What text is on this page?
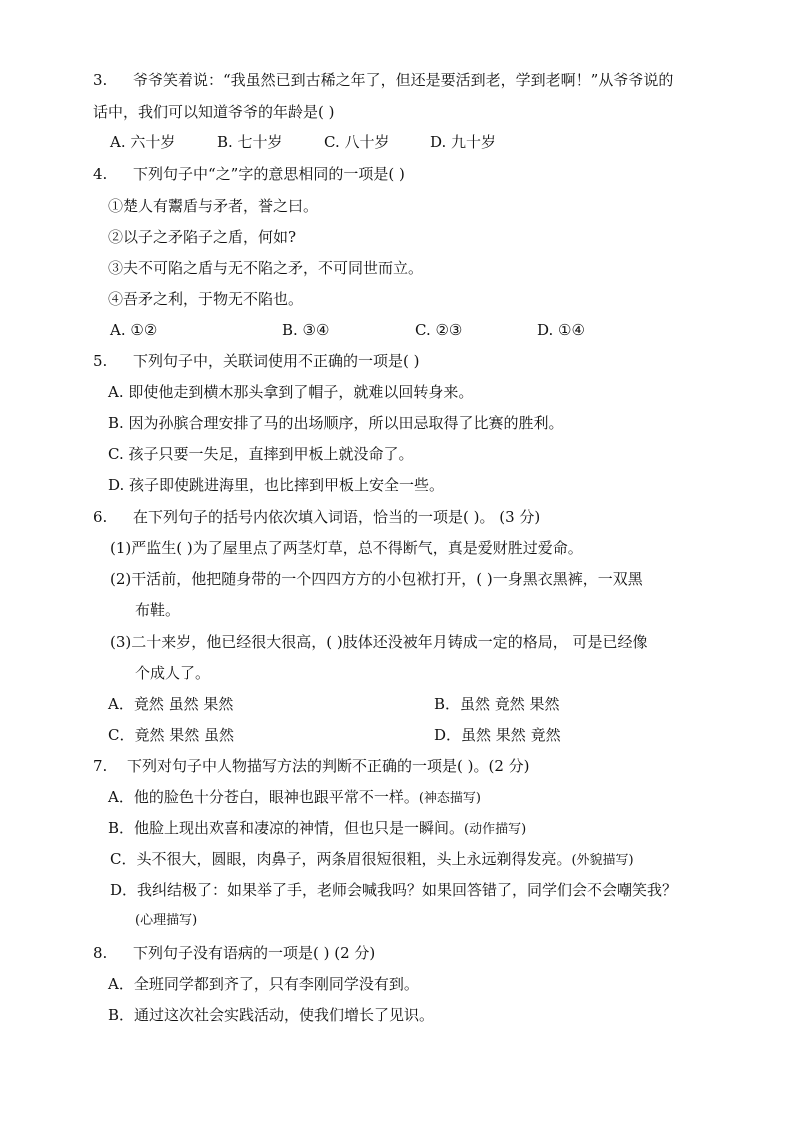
3. 爷爷笑着说：“我虽然已到古稀之年了，但还是要活到老，学到老啊！”从爷爷说的
话中，我们可以知道爷爷的年龄是( )
A. 六十岁	B. 七十岁	C. 八十岁	D. 九十岁
4. 下列句子中“之”字的意思相同的一项是( )
①楚人有鬻盾与矛者，誉之曰。
②以子之矛陷子之盾，何如?
③夫不可陷之盾与无不陷之矛，不可同世而立。
④吾矛之利，于物无不陷也。
A. ①②	B. ③④	C. ②③	D. ①④
5. 下列句子中，关联词使用不正确的一项是( )
A. 即使他走到横木那头拿到了帽子，就难以回转身来。
B. 因为孙膑合理安排了马的出场顺序，所以田忌取得了比赛的胜利。
C. 孩子只要一失足，直摔到甲板上就没命了。
D. 孩子即使跳进海里，也比摔到甲板上安全一些。
6. 在下列句子的括号内依次填入词语，恰当的一项是( )。 (3 分)
(1)严监生( )为了屋里点了两茎灯草，总不得断气，真是爱财胜过爱命。
(2)干活前，他把随身带的一个四四方方的小包袱打开，( )一身黑衣黑裤，一双黑
布鞋。
(3)二十来岁，他已经很大很高，( )肢体还没被年月铸成一定的格局， 可是已经像
个成人了。
A．竟然 虽然 果然	B．虽然 竟然 果然
C．竟然 果然 虽然	D．虽然 果然 竟然
7. 下列对句子中人物描写方法的判断不正确的一项是( )。(2 分)
A．他的脸色十分苍白，眼神也跟平常不一样。(神态描写)
B．他脸上现出欢喜和凄凉的神情，但也只是一瞬间。(动作描写)
C．头不很大，圆眼，肉鼻子，两条眉很短很粗，头上永远剃得发亮。(外貌描写)
D．我纠结极了：如果举了手，老师会喊我吗？如果回答错了，同学们会不会嘲笑我？
(心理描写)
8. 下列句子没有语病的一项是( ) (2 分)
A．全班同学都到齐了，只有李刚同学没有到。
B．通过这次社会实践活动，使我们增长了见识。
